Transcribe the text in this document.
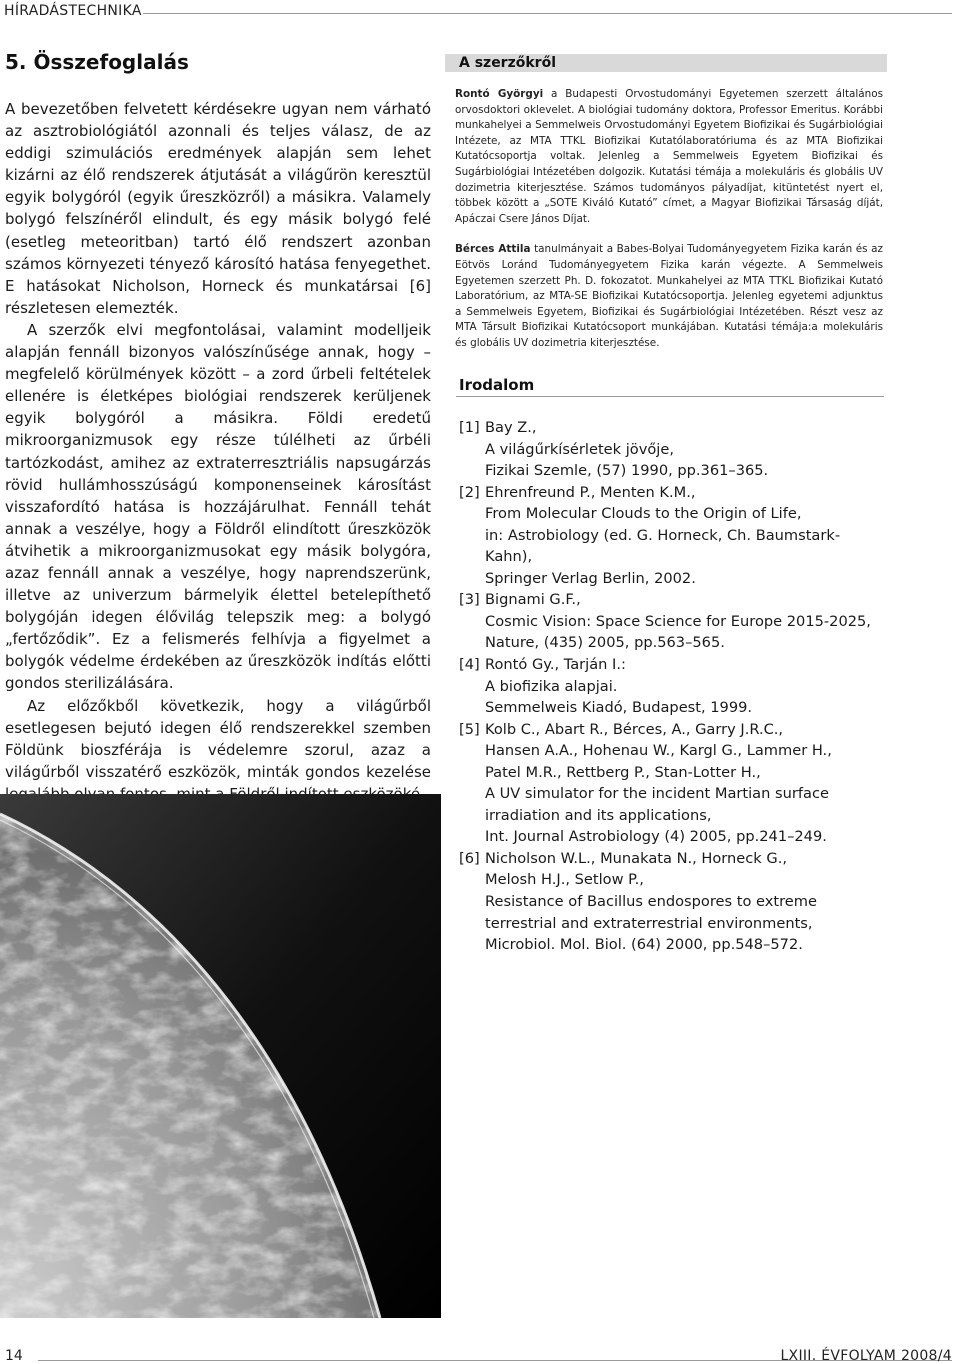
HÍRADÁSTECHNIKA
5. Összefoglalás

A bevezetőben felvetett kérdésekre ugyan nem várható az asztrobiológiától azonnali és teljes válasz, de az eddigi szimulációs eredmények alapján sem lehet kizárni az élő rendszerek átjutását a világűrön keresztül egyik bolygóról (egyik űreszközről) a másikra. Valamely bolygó felszínéről elindult, és egy másik bolygó felé (esetleg meteoritban) tartó élő rendszert azonban számos környezeti tényező károsító hatása fenyegethet. E hatásokat Nicholson, Horneck és munkatársai [6] részletesen elemezték.

A szerzők elvi megfontolásai, valamint modelljeik alapján fennáll bizonyos valószínűsége annak, hogy – megfelelő körülmények között – a zord űrbeli feltételek ellenére is életképes biológiai rendszerek kerüljenek egyik bolygóról a másikra. Földi eredetű mikroorganizmusok egy része túlélheti az űrbéli tartózkodást, amihez az extraterresztriális napsugárzás rövid hullámhosszúságú komponenseinek károsítást visszafordító hatása is hozzájárulhat. Fennáll tehát annak a veszélye, hogy a Földről elindított űreszközök átvihetik a mikroorganizmusokat egy másik bolygóra, azaz fennáll annak a veszélye, hogy naprendszerünk, illetve az univerzum bármelyik élettel betelepíthető bolygóján idegen élővilág telepszik meg: a bolygó „fertőződik”. Ez a felismerés felhívja a figyelmet a bolygók védelme érdekében az űreszközök indítás előtti gondos sterilizálására.

Az előzőkből következik, hogy a világűrből esetlegesen bejutó idegen élő rendszerekkel szemben Földünk bioszférája is védelemre szorul, azaz a világűrből visszatérő eszközök, minták gondos kezelése

A szerzőkről

Rontó Györgyi a Budapesti Orvostudományi Egyetemen szerzett általános orvosdoktori oklevelet. A biológiai tudomány doktora, Professor Emeritus. Korábbi munkahelyei a Semmelweis Orvostudományi Egyetem Biofizikai és Sugárbiológiai Intézete, az MTA TTKL Biofizikai Kutatólaboratóriuma és az MTA Biofizikai Kutatócsoportja voltak. Jelenleg a Semmelweis Egyetem Biofizikai és Sugárbiológiai Intézetében dolgozik. Kutatási témája a molekuláris és globális UV dozimetria kiterjesztése. Számos tudományos pályadíjat, kitüntetést nyert el, többek között a „SOTE Kiváló Kutató” címet, a Magyar Biofizikai Társaság díját, Apáczai Csere János Díjat.

Bérces Attila tanulmányait a Babes-Bolyai Tudományegyetem Fizika karán és az Eötvös Loránd Tudományegyetem Fizika karán végezte. A Semmelweis Egyetemen szerzett Ph. D. fokozatot. Munkahelyei az MTA TTKL Biofizikai Kutató Laboratórium, az MTA-SE Biofizikai Kutatócsoportja. Jelenleg egyetemi adjunktus a Semmelweis Egyetem, Biofizikai és Sugárbiológiai Intézetében. Részt vesz az MTA Társult Biofizikai Kutatócsoport munkájában. Kutatási témája:a molekuláris és globális UV dozimetria kiterjesztése.

Irodalom
[1] Bay Z.,
A világűrkísérletek jövője,
Fizikai Szemle, (57) 1990, pp.361–365.
[2] Ehrenfreund P., Menten K.M.,
From Molecular Clouds to the Origin of Life,
in: Astrobiology (ed. G. Horneck, Ch. Baumstark-Kahn),
Springer Verlag Berlin, 2002.
[3] Bignami G.F.,
Cosmic Vision: Space Science for Europe 2015-2025,
Nature, (435) 2005, pp.563–565.
[4] Rontó Gy., Tarján I.:
A biofizika alapjai.
Semmelweis Kiadó, Budapest, 1999.
[5] Kolb C., Abart R., Bérces, A., Garry J.R.C.,
Hansen A.A., Hohenau W., Kargl G., Lammer H.,
Patel M.R., Rettberg P., Stan-Lotter H.,
A UV simulator for the incident Martian surface
irradiation and its applications,
Int. Journal Astrobiology (4) 2005, pp.241–249.
[6] Nicholson W.L., Munakata N., Horneck G.,
Melosh H.J., Setlow P.,
Resistance of Bacillus endospores to extreme
terrestrial and extraterrestrial environments,
Microbiol. Mol. Biol. (64) 2000, pp.548–572.
14	LXIII. ÉVFOLYAM 2008/4
